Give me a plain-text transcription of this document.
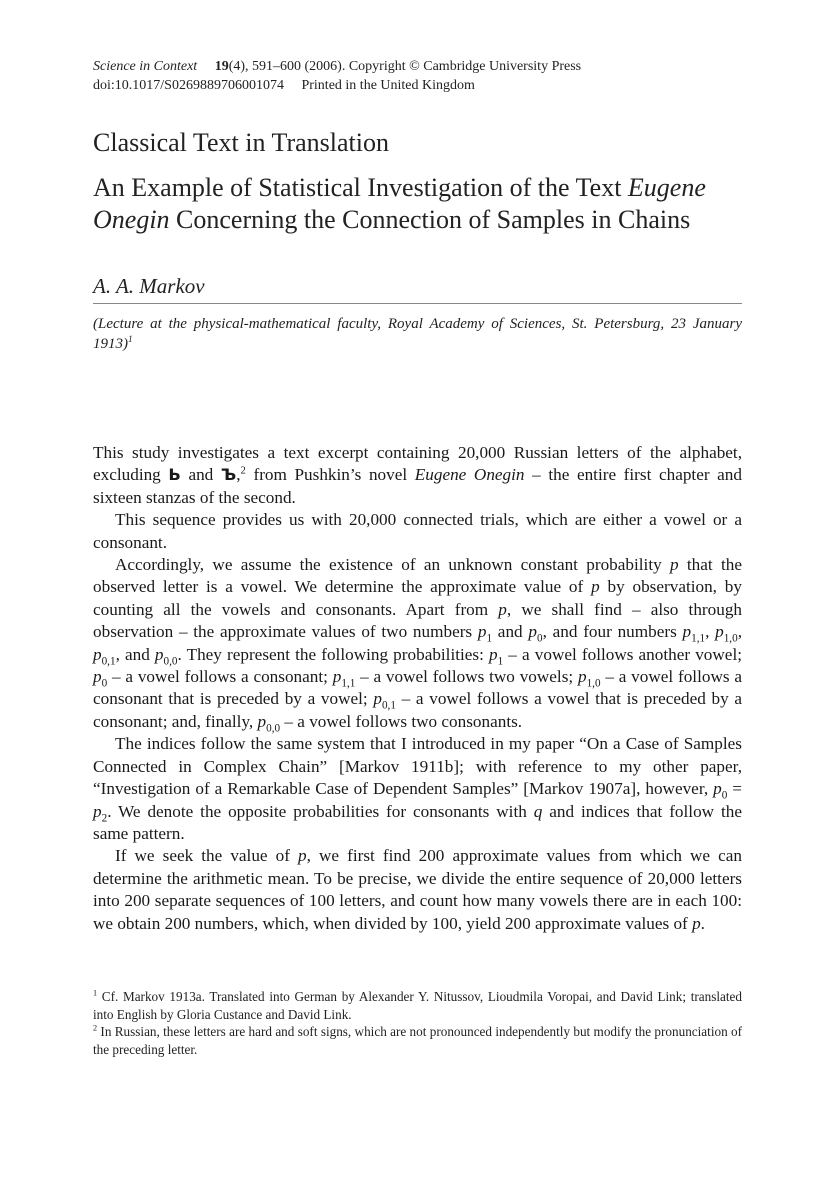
Science in Context 19(4), 591–600 (2006). Copyright © Cambridge University Press
doi:10.1017/S0269889706001074 Printed in the United Kingdom
Classical Text in Translation
An Example of Statistical Investigation of the Text Eugene Onegin Concerning the Connection of Samples in Chains
A. A. Markov
(Lecture at the physical-mathematical faculty, Royal Academy of Sciences, St. Petersburg, 23 January 1913)$^1$

This study investigates a text excerpt containing 20,000 Russian letters of the alphabet, excluding Ь and Ъ,$^2$ from Pushkin’s novel Eugene Onegin – the entire first chapter and sixteen stanzas of the second.

This sequence provides us with 20,000 connected trials, which are either a vowel or a consonant.

Accordingly, we assume the existence of an unknown constant probability p that the observed letter is a vowel. We determine the approximate value of p by observation, by counting all the vowels and consonants. Apart from p, we shall find – also through observation – the approximate values of two numbers $p_1$ and $p_0$, and four numbers $p_{1,1}$, $p_{1,0}$, $p_{0,1}$, and $p_{0,0}$. They represent the following probabilities: $p_1$ – a vowel follows another vowel; $p_0$ – a vowel follows a consonant; $p_{1,1}$ – a vowel follows two vowels; $p_{1,0}$ – a vowel follows a consonant that is preceded by a vowel; $p_{0,1}$ – a vowel follows a vowel that is preceded by a consonant; and, finally, $p_{0,0}$ – a vowel follows two consonants.

The indices follow the same system that I introduced in my paper “On a Case of Samples Connected in Complex Chain” [Markov 1911b]; with reference to my other paper, “Investigation of a Remarkable Case of Dependent Samples” [Markov 1907a], however, $p_0 = p_2$. We denote the opposite probabilities for consonants with q and indices that follow the same pattern.

If we seek the value of p, we first find 200 approximate values from which we can determine the arithmetic mean. To be precise, we divide the entire sequence of 20,000 letters into 200 separate sequences of 100 letters, and count how many vowels there are in each 100: we obtain 200 numbers, which, when divided by 100, yield 200 approximate values of p.

$^1$ Cf. Markov 1913a. Translated into German by Alexander Y. Nitussov, Lioudmila Voropai, and David Link; translated into English by Gloria Custance and David Link.

$^2$ In Russian, these letters are hard and soft signs, which are not pronounced independently but modify the pronunciation of the preceding letter.
